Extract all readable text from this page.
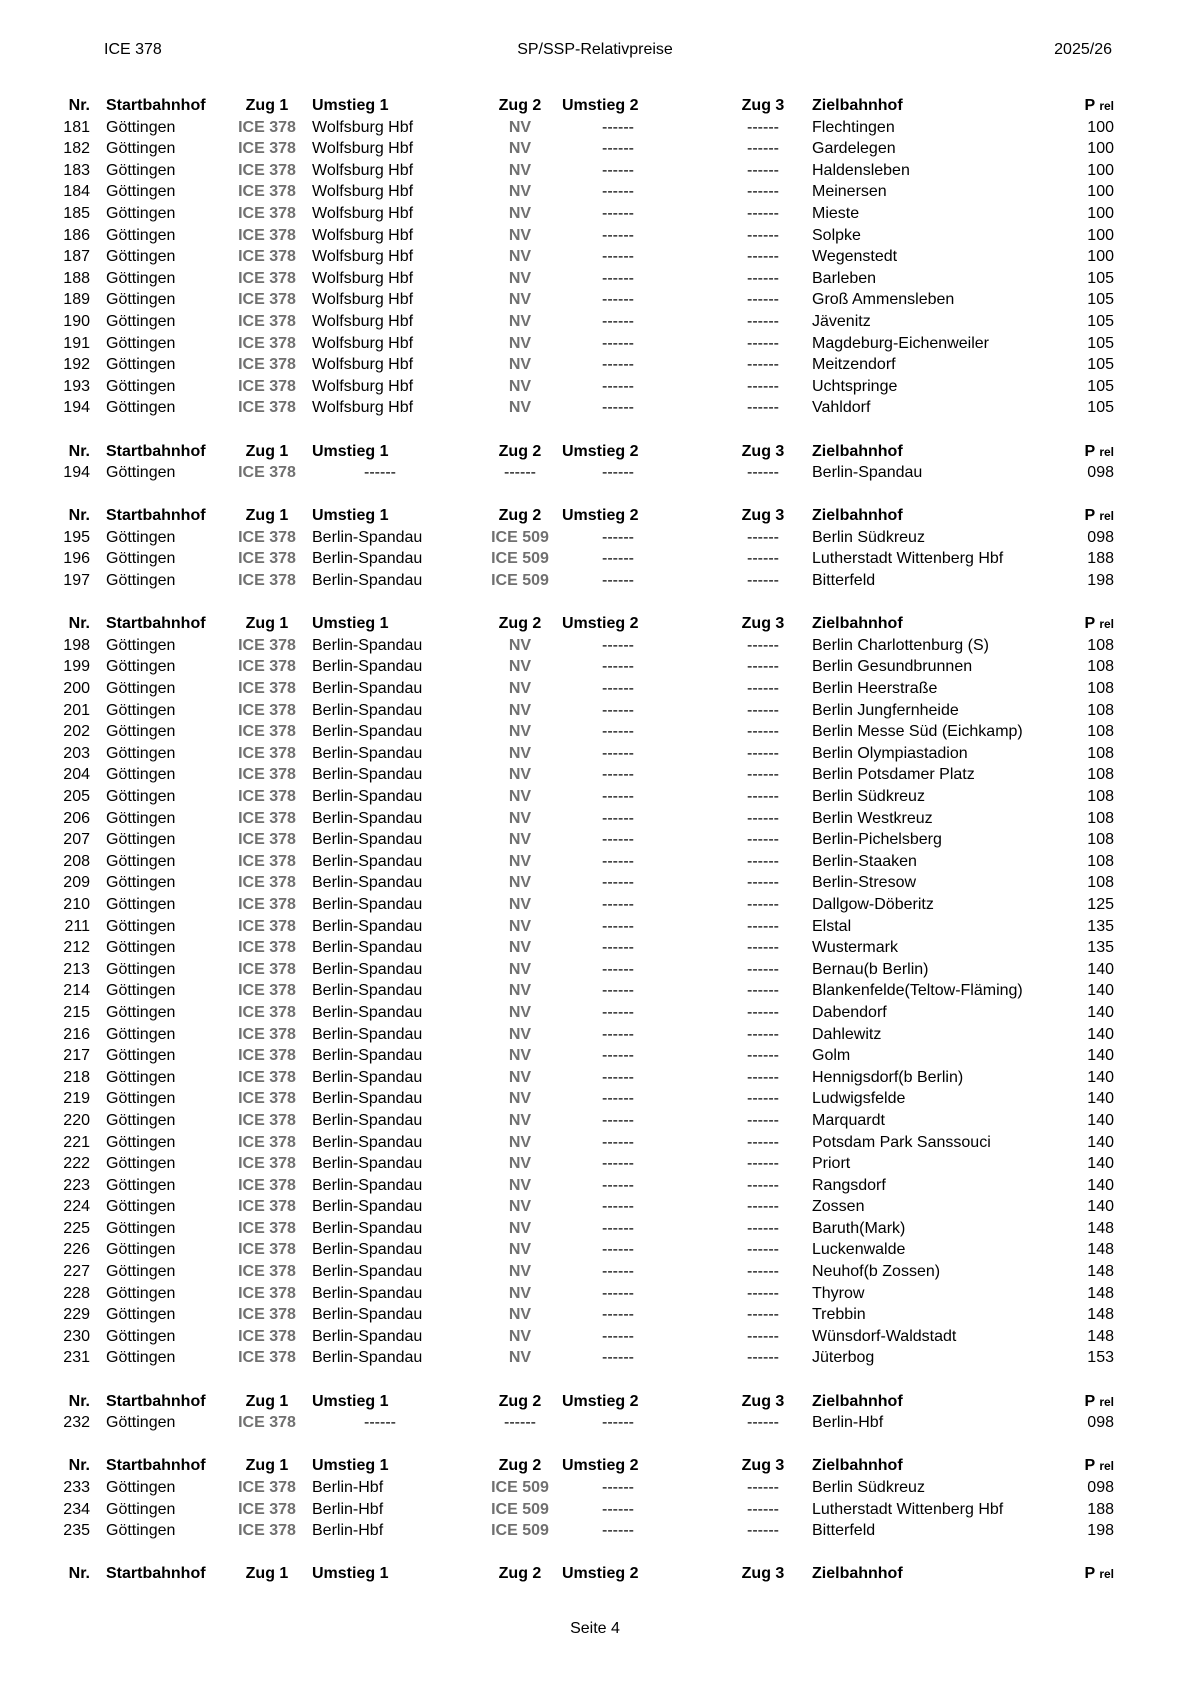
ICE 378	SP/SSP-Relativpreise	2025/26
Nr. Startbahnhof	Zug 1	Umstieg 1	Zug 2	Umstieg 2	Zug 3	Zielbahnhof	P rel
181 Göttingen	ICE 378	Wolfsburg Hbf	NV	------	------	Flechtingen	100
182 Göttingen	ICE 378	Wolfsburg Hbf	NV	------	------	Gardelegen	100
183 Göttingen	ICE 378	Wolfsburg Hbf	NV	------	------	Haldensleben	100
184 Göttingen	ICE 378	Wolfsburg Hbf	NV	------	------	Meinersen	100
185 Göttingen	ICE 378	Wolfsburg Hbf	NV	------	------	Mieste	100
186 Göttingen	ICE 378	Wolfsburg Hbf	NV	------	------	Solpke	100
187 Göttingen	ICE 378	Wolfsburg Hbf	NV	------	------	Wegenstedt	100
188 Göttingen	ICE 378	Wolfsburg Hbf	NV	------	------	Barleben	105
189 Göttingen	ICE 378	Wolfsburg Hbf	NV	------	------	Groß Ammensleben	105
190 Göttingen	ICE 378	Wolfsburg Hbf	NV	------	------	Jävenitz	105
191 Göttingen	ICE 378	Wolfsburg Hbf	NV	------	------	Magdeburg-Eichenweiler	105
192 Göttingen	ICE 378	Wolfsburg Hbf	NV	------	------	Meitzendorf	105
193 Göttingen	ICE 378	Wolfsburg Hbf	NV	------	------	Uchtspringe	105
194 Göttingen	ICE 378	Wolfsburg Hbf	NV	------	------	Vahldorf	105
Nr. Startbahnhof	Zug 1	Umstieg 1	Zug 2	Umstieg 2	Zug 3	Zielbahnhof	P rel
194 Göttingen	ICE 378	------	------	------	------	Berlin-Spandau	098
Nr. Startbahnhof	Zug 1	Umstieg 1	Zug 2	Umstieg 2	Zug 3	Zielbahnhof	P rel
195 Göttingen	ICE 378	Berlin-Spandau	ICE 509	------	------	Berlin Südkreuz	098
196 Göttingen	ICE 378	Berlin-Spandau	ICE 509	------	------	Lutherstadt Wittenberg Hbf	188
197 Göttingen	ICE 378	Berlin-Spandau	ICE 509	------	------	Bitterfeld	198
Nr. Startbahnhof	Zug 1	Umstieg 1	Zug 2	Umstieg 2	Zug 3	Zielbahnhof	P rel
198 Göttingen	ICE 378	Berlin-Spandau	NV	------	------	Berlin Charlottenburg (S)	108
199 Göttingen	ICE 378	Berlin-Spandau	NV	------	------	Berlin Gesundbrunnen	108
200 Göttingen	ICE 378	Berlin-Spandau	NV	------	------	Berlin Heerstraße	108
201 Göttingen	ICE 378	Berlin-Spandau	NV	------	------	Berlin Jungfernheide	108
202 Göttingen	ICE 378	Berlin-Spandau	NV	------	------	Berlin Messe Süd (Eichkamp)	108
203 Göttingen	ICE 378	Berlin-Spandau	NV	------	------	Berlin Olympiastadion	108
204 Göttingen	ICE 378	Berlin-Spandau	NV	------	------	Berlin Potsdamer Platz	108
205 Göttingen	ICE 378	Berlin-Spandau	NV	------	------	Berlin Südkreuz	108
206 Göttingen	ICE 378	Berlin-Spandau	NV	------	------	Berlin Westkreuz	108
207 Göttingen	ICE 378	Berlin-Spandau	NV	------	------	Berlin-Pichelsberg	108
208 Göttingen	ICE 378	Berlin-Spandau	NV	------	------	Berlin-Staaken	108
209 Göttingen	ICE 378	Berlin-Spandau	NV	------	------	Berlin-Stresow	108
210 Göttingen	ICE 378	Berlin-Spandau	NV	------	------	Dallgow-Döberitz	125
211 Göttingen	ICE 378	Berlin-Spandau	NV	------	------	Elstal	135
212 Göttingen	ICE 378	Berlin-Spandau	NV	------	------	Wustermark	135
213 Göttingen	ICE 378	Berlin-Spandau	NV	------	------	Bernau(b Berlin)	140
214 Göttingen	ICE 378	Berlin-Spandau	NV	------	------	Blankenfelde(Teltow-Fläming)	140
215 Göttingen	ICE 378	Berlin-Spandau	NV	------	------	Dabendorf	140
216 Göttingen	ICE 378	Berlin-Spandau	NV	------	------	Dahlewitz	140
217 Göttingen	ICE 378	Berlin-Spandau	NV	------	------	Golm	140
218 Göttingen	ICE 378	Berlin-Spandau	NV	------	------	Hennigsdorf(b Berlin)	140
219 Göttingen	ICE 378	Berlin-Spandau	NV	------	------	Ludwigsfelde	140
220 Göttingen	ICE 378	Berlin-Spandau	NV	------	------	Marquardt	140
221 Göttingen	ICE 378	Berlin-Spandau	NV	------	------	Potsdam Park Sanssouci	140
222 Göttingen	ICE 378	Berlin-Spandau	NV	------	------	Priort	140
223 Göttingen	ICE 378	Berlin-Spandau	NV	------	------	Rangsdorf	140
224 Göttingen	ICE 378	Berlin-Spandau	NV	------	------	Zossen	140
225 Göttingen	ICE 378	Berlin-Spandau	NV	------	------	Baruth(Mark)	148
226 Göttingen	ICE 378	Berlin-Spandau	NV	------	------	Luckenwalde	148
227 Göttingen	ICE 378	Berlin-Spandau	NV	------	------	Neuhof(b Zossen)	148
228 Göttingen	ICE 378	Berlin-Spandau	NV	------	------	Thyrow	148
229 Göttingen	ICE 378	Berlin-Spandau	NV	------	------	Trebbin	148
230 Göttingen	ICE 378	Berlin-Spandau	NV	------	------	Wünsdorf-Waldstadt	148
231 Göttingen	ICE 378	Berlin-Spandau	NV	------	------	Jüterbog	153
Nr. Startbahnhof	Zug 1	Umstieg 1	Zug 2	Umstieg 2	Zug 3	Zielbahnhof	P rel
232 Göttingen	ICE 378	------	------	------	------	Berlin-Hbf	098
Nr. Startbahnhof	Zug 1	Umstieg 1	Zug 2	Umstieg 2	Zug 3	Zielbahnhof	P rel
233 Göttingen	ICE 378	Berlin-Hbf	ICE 509	------	------	Berlin Südkreuz	098
234 Göttingen	ICE 378	Berlin-Hbf	ICE 509	------	------	Lutherstadt Wittenberg Hbf	188
235 Göttingen	ICE 378	Berlin-Hbf	ICE 509	------	------	Bitterfeld	198
Nr. Startbahnhof	Zug 1	Umstieg 1	Zug 2	Umstieg 2	Zug 3	Zielbahnhof	P rel
Seite 4
